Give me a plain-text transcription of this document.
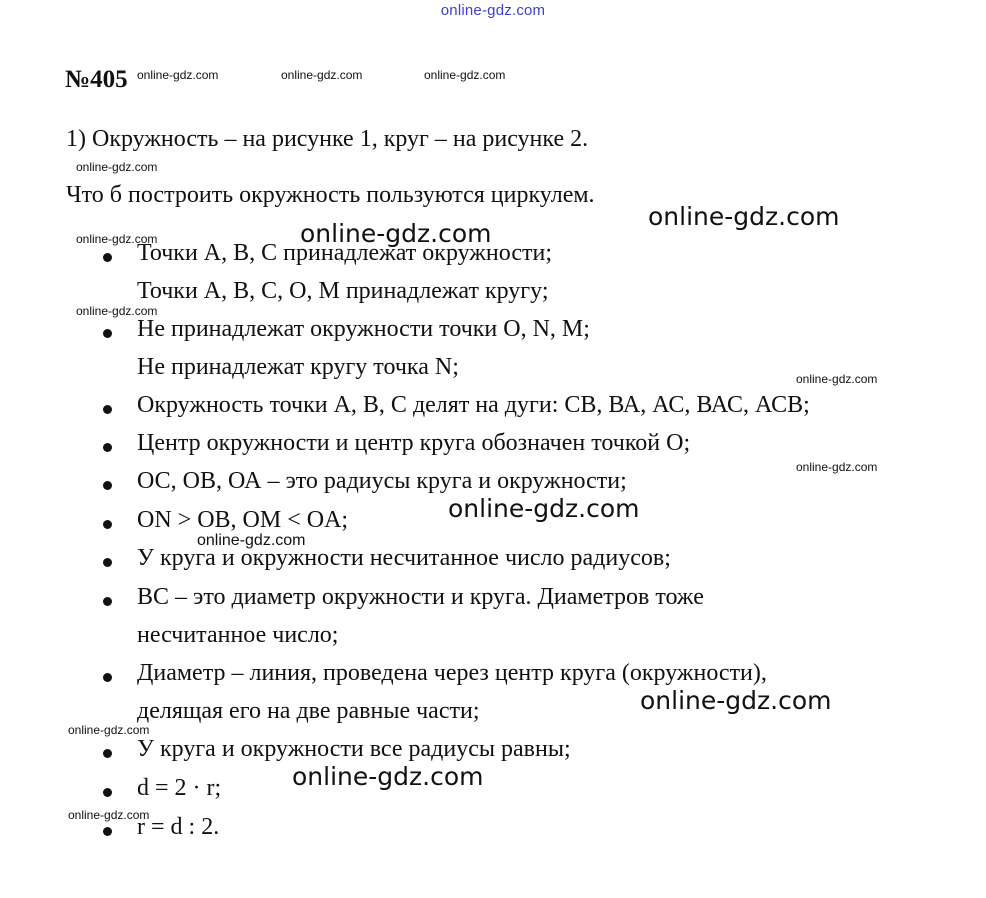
online-gdz.com
№405
1) Окружность – на рисунке 1, круг – на рисунке 2.
Что б построить окружность пользуются циркулем.
Точки А, В, С принадлежат окружности;
Точки А, В, С, О, М принадлежат кругу;
Не принадлежат окружности точки О, N, М;
Не принадлежат кругу точка N;
Окружность точки А, В, С делят на дуги: СВ, ВА, АС, ВАС, АСВ;
Центр окружности и центр круга обозначен точкой О;
ОС, ОВ, ОА – это радиусы круга и окружности;
ON > OB, OM < OA;
У круга и окружности несчитанное число радиусов;
ВС – это диаметр окружности и круга. Диаметров тоже
несчитанное число;
Диаметр – линия, проведена через центр круга (окружности),
делящая его на две равные части;
У круга и окружности все радиусы равны;
d = 2 · r;
r = d : 2.
online-gdz.com	online-gdz.com	online-gdz.com
online-gdz.com
online-gdz.com
online-gdz.com
online-gdz.com
online-gdz.com
online-gdz.com
online-gdz.com
online-gdz.com
online-gdz.com
online-gdz.com
online-gdz.com
online-gdz.com
online-gdz.com
